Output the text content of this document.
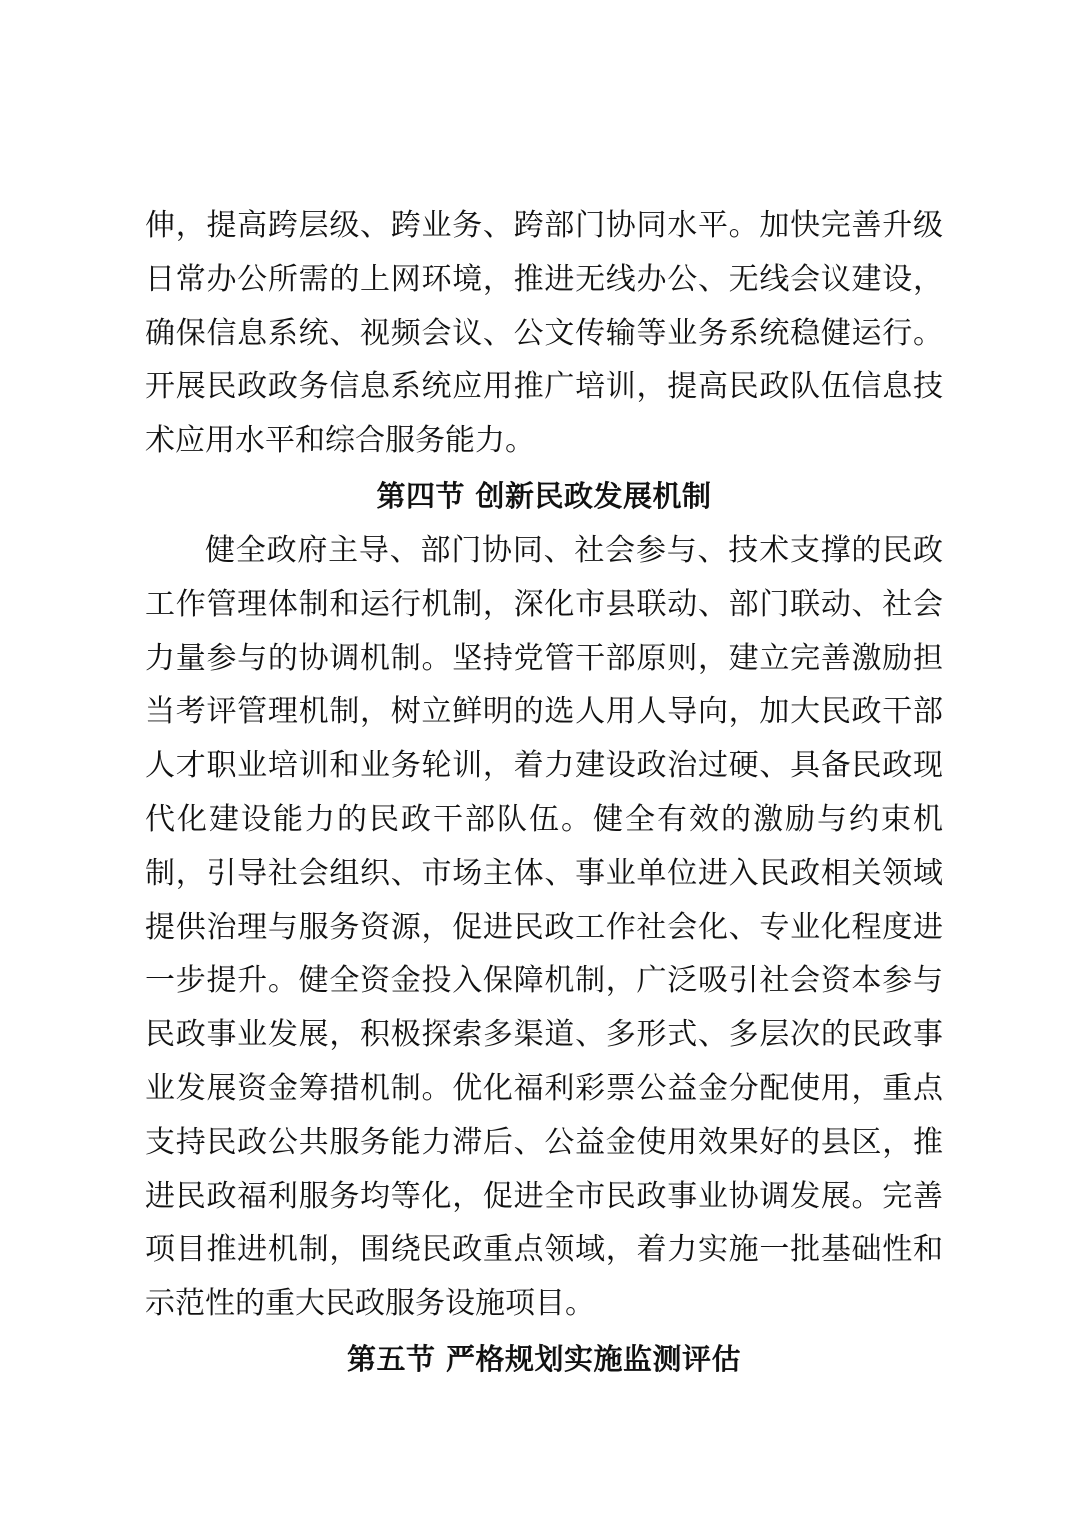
伸，提高跨层级、跨业务、跨部门协同水平。加快完善升级日常办公所需的上网环境，推进无线办公、无线会议建设，确保信息系统、视频会议、公文传输等业务系统稳健运行。开展民政政务信息系统应用推广培训，提高民政队伍信息技术应用水平和综合服务能力。

第四节 创新民政发展机制

健全政府主导、部门协同、社会参与、技术支撑的民政工作管理体制和运行机制，深化市县联动、部门联动、社会力量参与的协调机制。坚持党管干部原则，建立完善激励担当考评管理机制，树立鲜明的选人用人导向，加大民政干部人才职业培训和业务轮训，着力建设政治过硬、具备民政现代化建设能力的民政干部队伍。健全有效的激励与约束机制，引导社会组织、市场主体、事业单位进入民政相关领域提供治理与服务资源，促进民政工作社会化、专业化程度进一步提升。健全资金投入保障机制，广泛吸引社会资本参与民政事业发展，积极探索多渠道、多形式、多层次的民政事业发展资金筹措机制。优化福利彩票公益金分配使用，重点支持民政公共服务能力滞后、公益金使用效果好的县区，推进民政福利服务均等化，促进全市民政事业协调发展。完善项目推进机制，围绕民政重点领域，着力实施一批基础性和示范性的重大民政服务设施项目。

第五节 严格规划实施监测评估
